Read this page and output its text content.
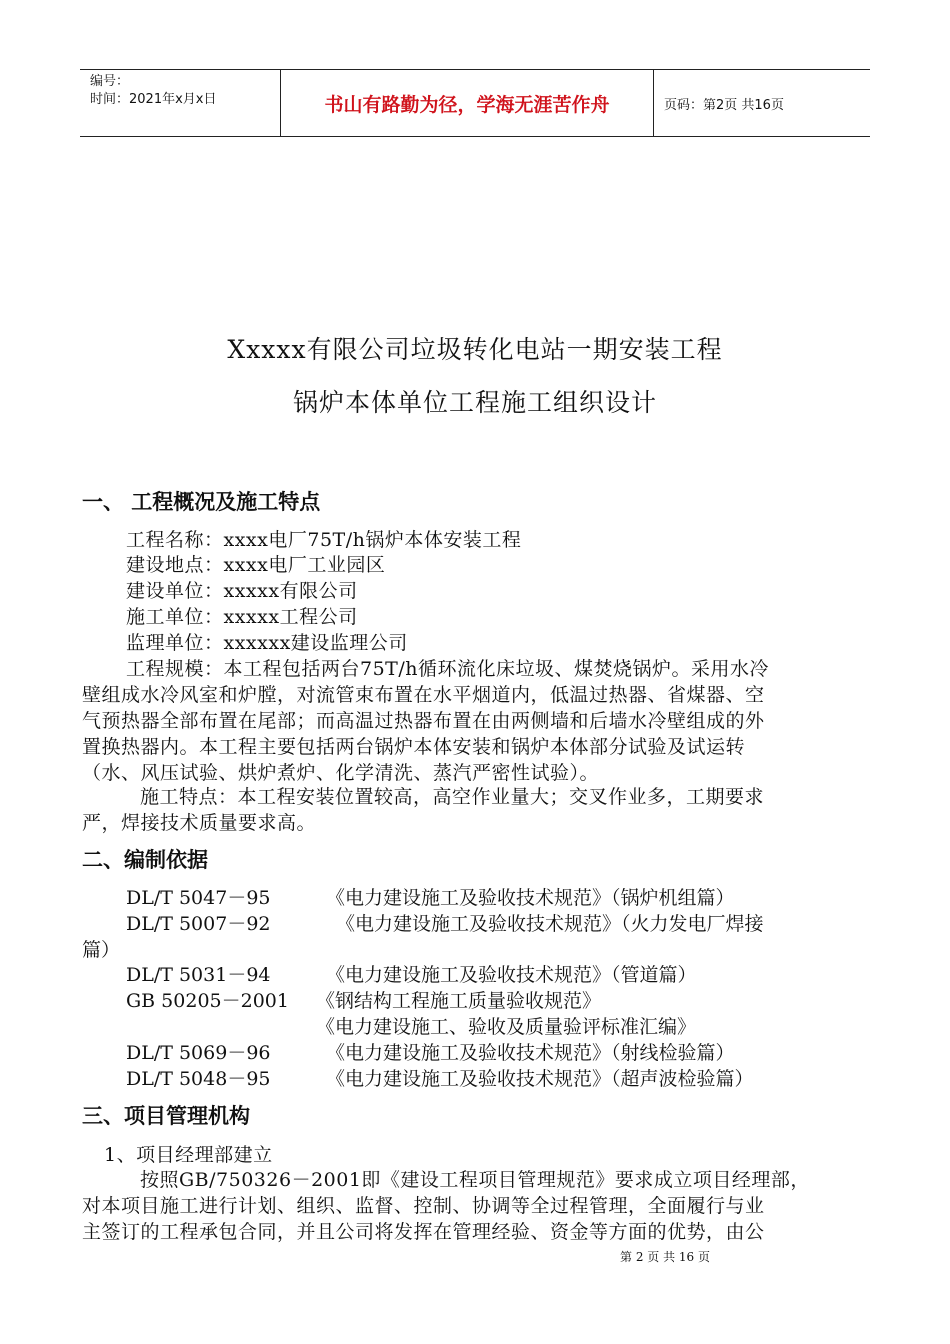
编号：
时间：2021年x月x日	书山有路勤为径，学海无涯苦作舟	页码：第2页 共16页
Xxxxx有限公司垃圾转化电站一期安装工程
锅炉本体单位工程施工组织设计
一、 工程概况及施工特点
工程名称：xxxx电厂75T/h锅炉本体安装工程
建设地点：xxxx电厂工业园区
建设单位：xxxxx有限公司
施工单位：xxxxx工程公司
监理单位：xxxxxx建设监理公司
工程规模：本工程包括两台75T/h循环流化床垃圾、煤焚烧锅炉。采用水冷
壁组成水冷风室和炉膛，对流管束布置在水平烟道内，低温过热器、省煤器、空
气预热器全部布置在尾部；而高温过热器布置在由两侧墙和后墙水冷壁组成的外
置换热器内。本工程主要包括两台锅炉本体安装和锅炉本体部分试验及试运转
（水、风压试验、烘炉煮炉、化学清洗、蒸汽严密性试验）。
施工特点：本工程安装位置较高，高空作业量大；交叉作业多，工期要求
严，焊接技术质量要求高。
二、编制依据
DL/T 5047－95	《电力建设施工及验收技术规范》（锅炉机组篇）
DL/T 5007－92	《电力建设施工及验收技术规范》（火力发电厂焊接
篇）
DL/T 5031－94	《电力建设施工及验收技术规范》（管道篇）
GB 50205－2001 《钢结构工程施工质量验收规范》
《电力建设施工、验收及质量验评标准汇编》
DL/T 5069－96	《电力建设施工及验收技术规范》（射线检验篇）
DL/T 5048－95	《电力建设施工及验收技术规范》（超声波检验篇）
三、项目管理机构
1、项目经理部建立
按照GB/750326－2001即《建设工程项目管理规范》要求成立项目经理部，
对本项目施工进行计划、组织、监督、控制、协调等全过程管理，全面履行与业
主签订的工程承包合同，并且公司将发挥在管理经验、资金等方面的优势，由公
第 2 页 共 16 页
